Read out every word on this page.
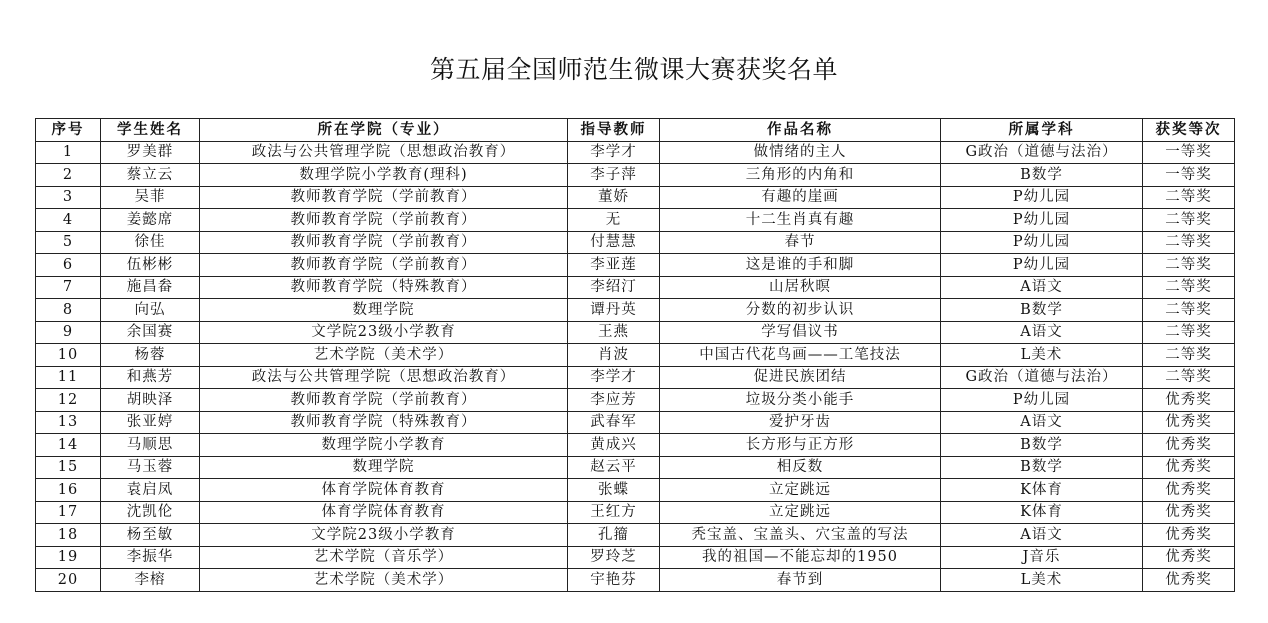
第五届全国师范生微课大赛获奖名单
序号	学生姓名	所在学院（专业）	指导教师	作品名称	所属学科	获奖等次
1	罗美群	政法与公共管理学院（思想政治教育）	李学才	做情绪的主人	G政治（道德与法治）	一等奖
2	蔡立云	数理学院小学教育(理科)	李子萍	三角形的内角和	B数学	一等奖
3	吴菲	教师教育学院（学前教育）	董娇	有趣的崖画	P幼儿园	二等奖
4	姜懿席	教师教育学院（学前教育）	无	十二生肖真有趣	P幼儿园	二等奖
5	徐佳	教师教育学院（学前教育）	付慧慧	春节	P幼儿园	二等奖
6	伍彬彬	教师教育学院（学前教育）	李亚莲	这是谁的手和脚	P幼儿园	二等奖
7	施昌畚	教师教育学院（特殊教育）	李绍汀	山居秋暝	A语文	二等奖
8	向弘	数理学院	谭丹英	分数的初步认识	B数学	二等奖
9	余国赛	文学院23级小学教育	王燕	学写倡议书	A语文	二等奖
10	杨蓉	艺术学院（美术学）	肖波	中国古代花鸟画——工笔技法	L美术	二等奖
11	和燕芳	政法与公共管理学院（思想政治教育）	李学才	促进民族团结	G政治（道德与法治）	二等奖
12	胡映泽	教师教育学院（学前教育）	李应芳	垃圾分类小能手	P幼儿园	优秀奖
13	张亚婷	教师教育学院（特殊教育）	武春军	爱护牙齿	A语文	优秀奖
14	马顺思	数理学院小学教育	黄成兴	长方形与正方形	B数学	优秀奖
15	马玉蓉	数理学院	赵云平	相反数	B数学	优秀奖
16	袁启凤	体育学院体育教育	张蝶	立定跳远	K体育	优秀奖
17	沈凯伦	体育学院体育教育	王红方	立定跳远	K体育	优秀奖
18	杨至敏	文学院23级小学教育	孔籀	秃宝盖、宝盖头、穴宝盖的写法	A语文	优秀奖
19	李振华	艺术学院（音乐学）	罗玲芝	我的祖国—不能忘却的1950	J音乐	优秀奖
20	李榕	艺术学院（美术学）	宇艳芬	春节到	L美术	优秀奖
